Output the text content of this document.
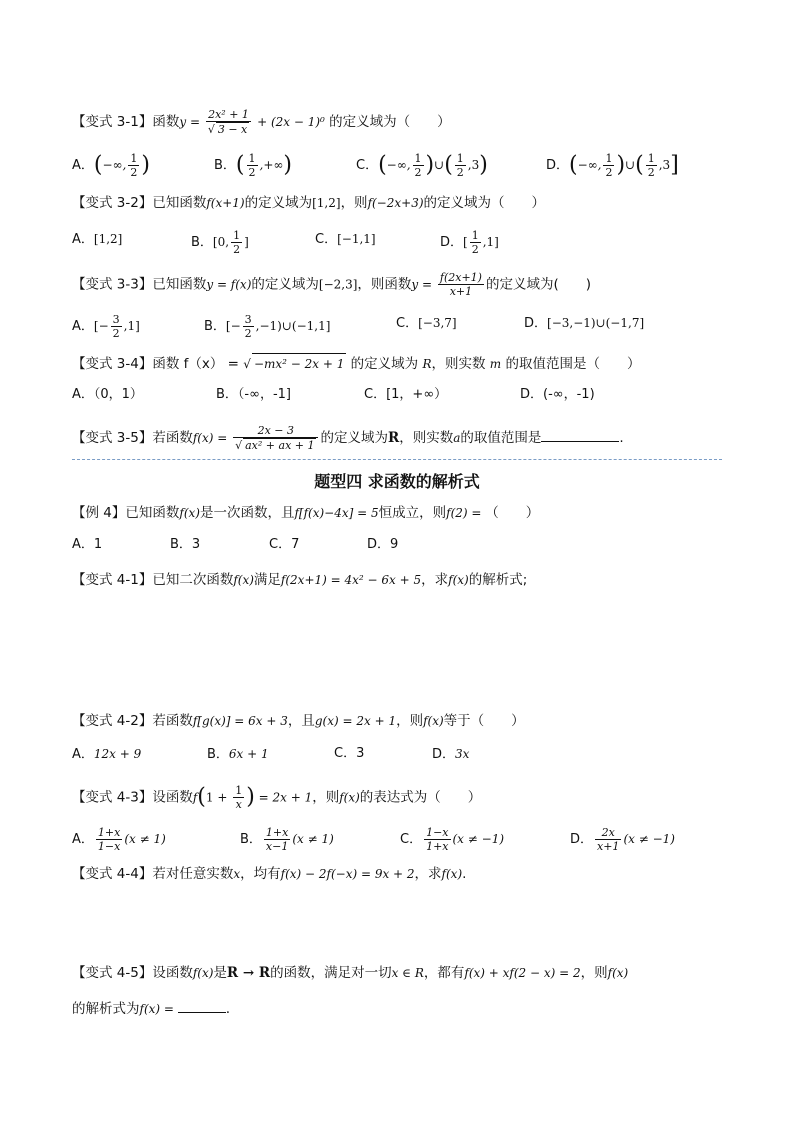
【变式 3-1】函数$y = \frac{\text{2x² + 1}}{√ 3 - x} + (2x - 1)^0$ 的定义域为（　　）
A．(−∞, $\frac{1}{2}$ )	B．( $\frac{1}{2}$ ,+∞)	C．(−∞, $\frac{1}{2}$ )∪( $\frac{1}{2} ,3$)	D．(−∞, $\frac{1}{2}$ )∪( $\frac{1}{2} ,3$]
【变式 3-2】已知函数f(x+1)的定义域为[1,2]，则f(−2x+3)的定义域为（　　）
A．[1,2]	B．[0, $\frac{1}{2}$ ]	C．[−1,1]	D．[ $\frac{1}{2} ,1$]
【变式 3-3】已知函数y = f(x)的定义域为[−2,3]，则函数$y = \frac{f(2x+1)}{x+1}$ 的定义域为(　　)
A．[− $\frac{3}{2} ,1$]	B．[− $\frac{3}{2}$ ,−1)∪(−1,1]	C．[−3,7]	D．[−3,−1)∪(−1,7]
【变式 3-4】函数 f（x） = √ −mx² − 2x + 1 的定义域为 R，则实数 m 的取值范围是（　　）
A．（0，1）	B．（-∞，-1]	C．[1，+∞）	D．(-∞，-1)
【变式 3-5】若函数$f(x) = \frac{2x - 3}{\text{√ ax² + ax + 1}}$ 的定义域为R，则实数a的取值范围是	.
题型四 求函数的解析式
【例 4】已知函数f(x)是一次函数，且f[f(x)−4x] = 5恒成立，则f(2) = （　　）
A．1	B．3	C．7	D．9
【变式 4-1】已知二次函数f(x)满足f(2x+1) = 4x² − 6x + 5，求f(x)的解析式;
【变式 4-2】若函数f[g(x)] = 6x + 3，且g(x) = 2x + 1，则f(x)等于（　　）
A．12x + 9	B．6x + 1	C．3	D．3x
【变式 4-3】设函数$f(1 + \frac{1}{x}$ ) = 2x + 1，则f(x)的表达式为（　　）
A． $\frac{1+x}{1-x} (x \ne 1)$	B． $\frac{1+x}{x-1} (x \ne 1)$	C． $\frac{1-x}{1+x} (x \ne -1)$	D． $\frac{2x}{x+1} (x \ne -1)$
【变式 4-4】若对任意实数x，均有f(x) − 2f(−x) = 9x + 2，求f(x).
【变式 4-5】设函数f(x)是R → R的函数，满足对一切x ∈ R，都有f(x) + xf(2 − x) = 2，则f(x)
的解析式为f(x) =	.
